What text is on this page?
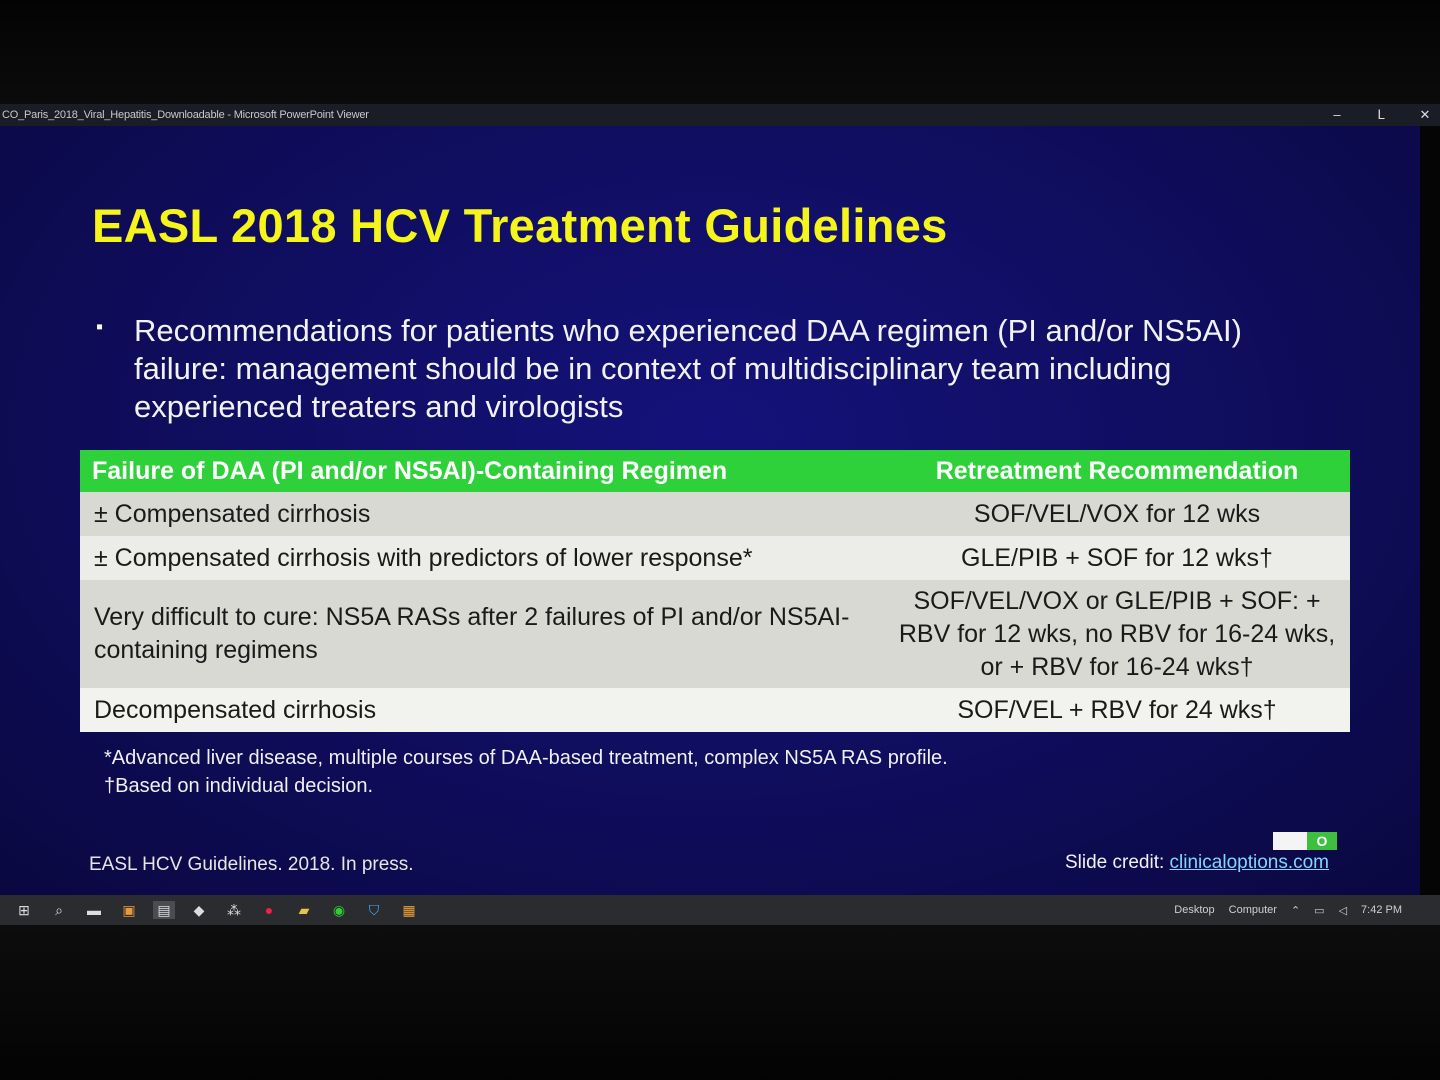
CO_Paris_2018_Viral_Hepatitis_Downloadable - Microsoft PowerPoint Viewer	–	ᒪ	✕
EASL 2018 HCV Treatment Guidelines
▪ Recommendations for patients who experienced DAA regimen (PI and/or NS5AI) failure: management should be in context of multidisciplinary team including experienced treaters and virologists
Failure of DAA (PI and/or NS5AI)-Containing Regimen	Retreatment Recommendation
± Compensated cirrhosis	SOF/VEL/VOX for 12 wks
± Compensated cirrhosis with predictors of lower response*	GLE/PIB + SOF for 12 wks†
Very difficult to cure: NS5A RASs after 2 failures of PI and/or NS5AI-containing regimens	SOF/VEL/VOX or GLE/PIB + SOF: + RBV for 12 wks, no RBV for 16-24 wks, or + RBV for 16-24 wks†
Decompensated cirrhosis	SOF/VEL + RBV for 24 wks†
*Advanced liver disease, multiple courses of DAA-based treatment, complex NS5A RAS profile.
†Based on individual decision.
EASL HCV Guidelines. 2018. In press.
O
Slide credit: clinicaloptions.com
⊞	⌕	▬	▣	▤	◆	⁂	●	▰	◉	⛉	▦	Desktop Computer ⌃ ▭ ◁ 7:42 PM
